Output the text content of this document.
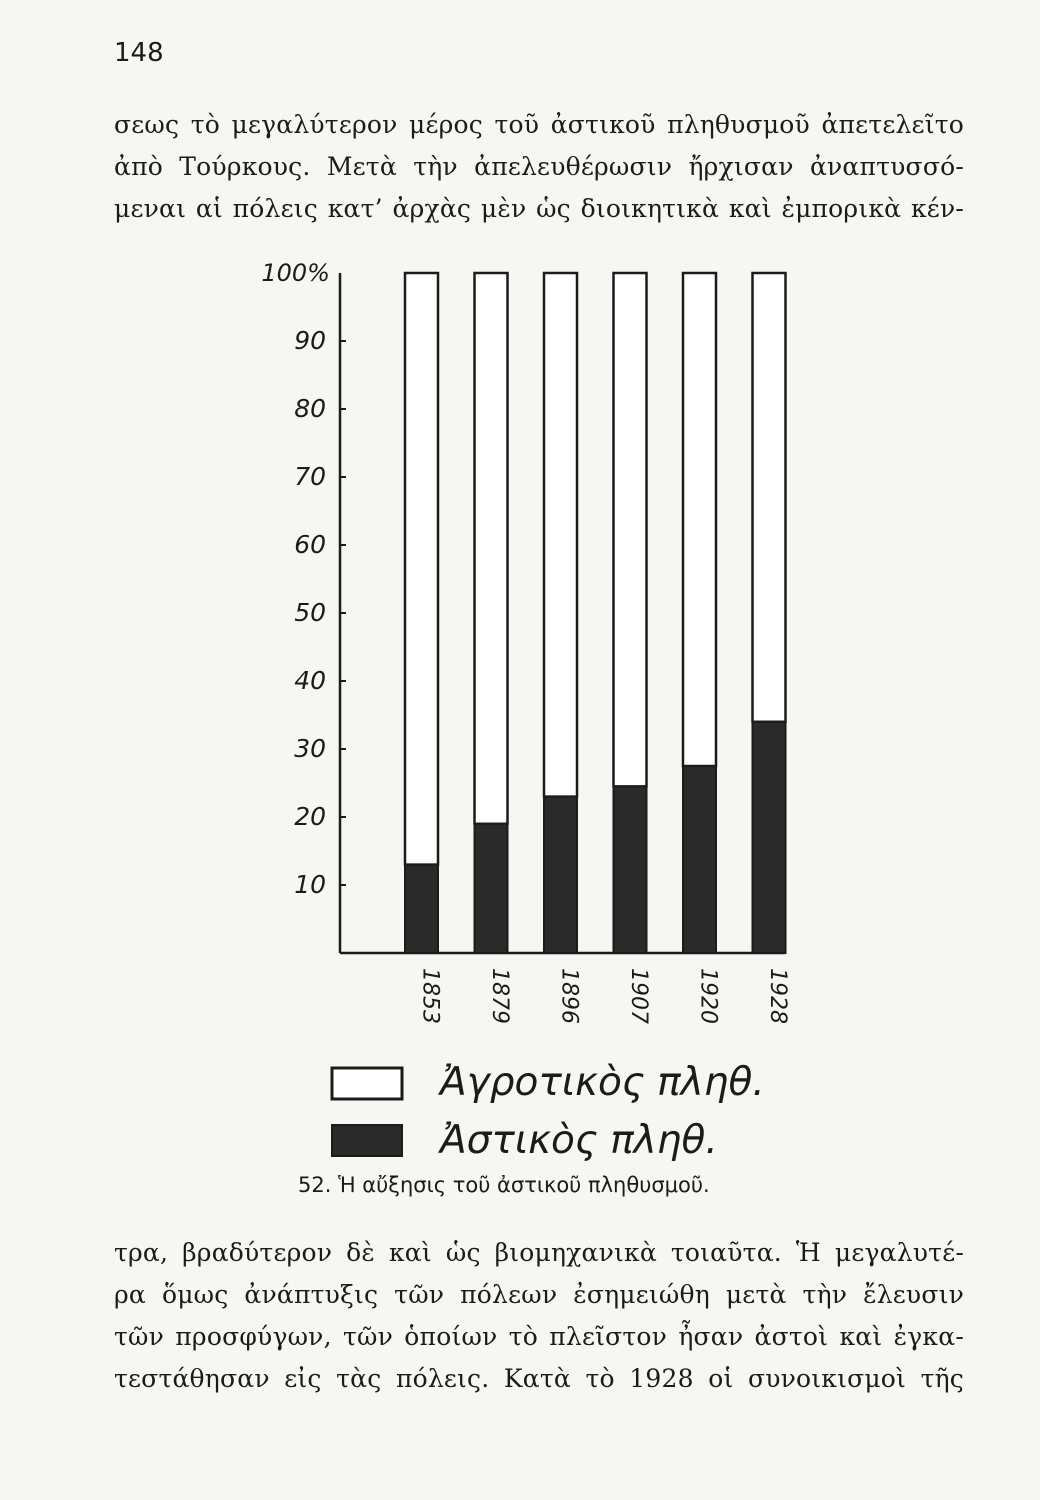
148
σεως τὸ μεγαλύτερον μέρος τοῦ ἀστικοῦ πληθυσμοῦ ἀπετελεῖτο
ἀπὸ Τούρκους. Μετὰ τὴν ἀπελευθέρωσιν ἤρχισαν ἀναπτυσσό-
μεναι αἱ πόλεις κατ’ ἀρχὰς μὲν ὡς διοικητικὰ καὶ ἐμπορικὰ κέν-
10
20
30
40
50
60
70
80
90
100%
1853 1879 1896 1907 1920 1928
Ἀγροτικὸς πληθ.
Ἀστικὸς πληθ.
52. Ἡ αὔξησις τοῦ ἀστικοῦ πληθυσμοῦ.
τρα, βραδύτερον δὲ καὶ ὡς βιομηχανικὰ τοιαῦτα. Ἡ μεγαλυτέ-
ρα ὅμως ἀνάπτυξις τῶν πόλεων ἐσημειώθη μετὰ τὴν ἔλευσιν
τῶν προσφύγων, τῶν ὁποίων τὸ πλεῖστον ἦσαν ἀστοὶ καὶ ἐγκα-
τεστάθησαν εἰς τὰς πόλεις. Κατὰ τὸ 1928 οἱ συνοικισμοὶ τῆς
